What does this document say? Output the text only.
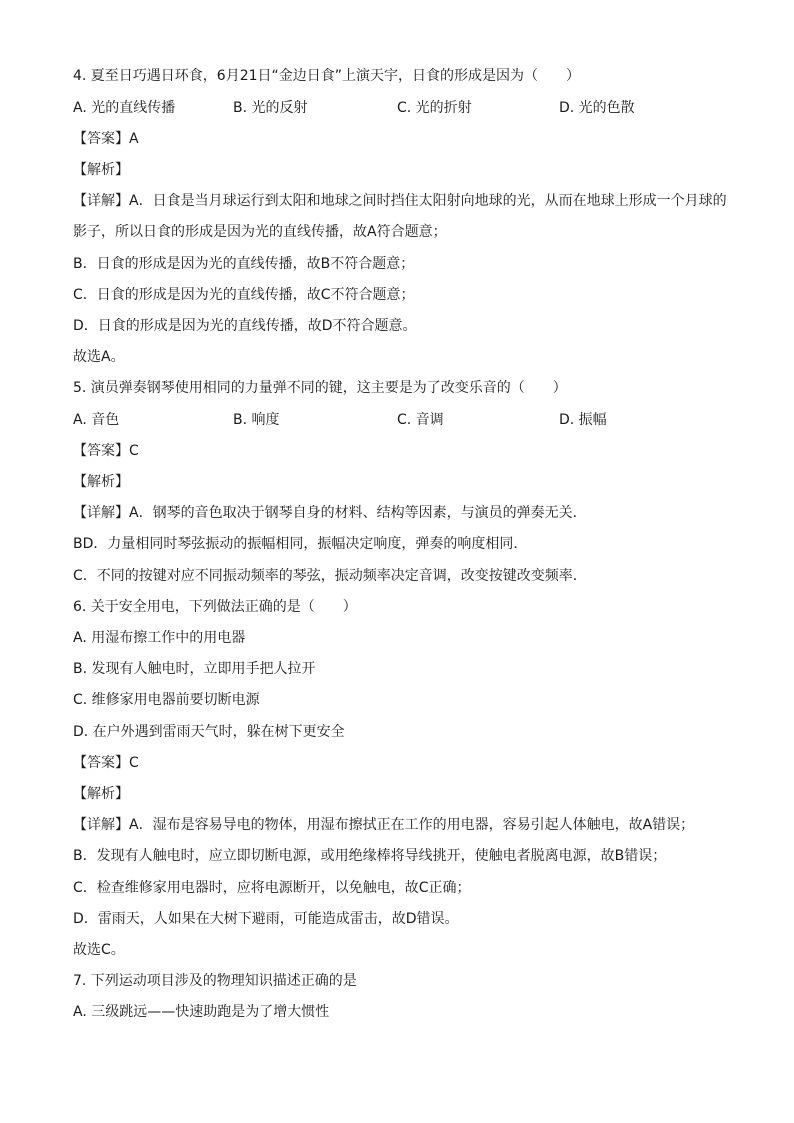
4. 夏至日巧遇日环食，6月21日“金边日食”上演天宇，日食的形成是因为（　　）
A. 光的直线传播	B. 光的反射	C. 光的折射	D. 光的色散
【答案】A
【解析】
【详解】A．日食是当月球运行到太阳和地球之间时挡住太阳射向地球的光，从而在地球上形成一个月球的
影子，所以日食的形成是因为光的直线传播，故A符合题意；
B．日食的形成是因为光的直线传播，故B不符合题意；
C．日食的形成是因为光的直线传播，故C不符合题意；
D．日食的形成是因为光的直线传播，故D不符合题意。
故选A。
5. 演员弹奏钢琴使用相同的力量弹不同的键，这主要是为了改变乐音的（　　）
A. 音色	B. 响度	C. 音调	D. 振幅
【答案】C
【解析】
【详解】A．钢琴的音色取决于钢琴自身的材料、结构等因素，与演员的弹奏无关．
BD．力量相同时琴弦振动的振幅相同，振幅决定响度，弹奏的响度相同．
C．不同的按键对应不同振动频率的琴弦，振动频率决定音调，改变按键改变频率．
6. 关于安全用电，下列做法正确的是（　　）
A. 用湿布擦工作中的用电器
B. 发现有人触电时，立即用手把人拉开
C. 维修家用电器前要切断电源
D. 在户外遇到雷雨天气时，躲在树下更安全
【答案】C
【解析】
【详解】A．湿布是容易导电的物体，用湿布擦拭正在工作的用电器，容易引起人体触电，故A错误；
B．发现有人触电时，应立即切断电源，或用绝缘棒将导线挑开，使触电者脱离电源，故B错误；
C．检查维修家用电器时，应将电源断开，以免触电，故C正确；
D．雷雨天，人如果在大树下避雨，可能造成雷击，故D错误。
故选C。
7. 下列运动项目涉及的物理知识描述正确的是
A. 三级跳远——快速助跑是为了增大惯性
